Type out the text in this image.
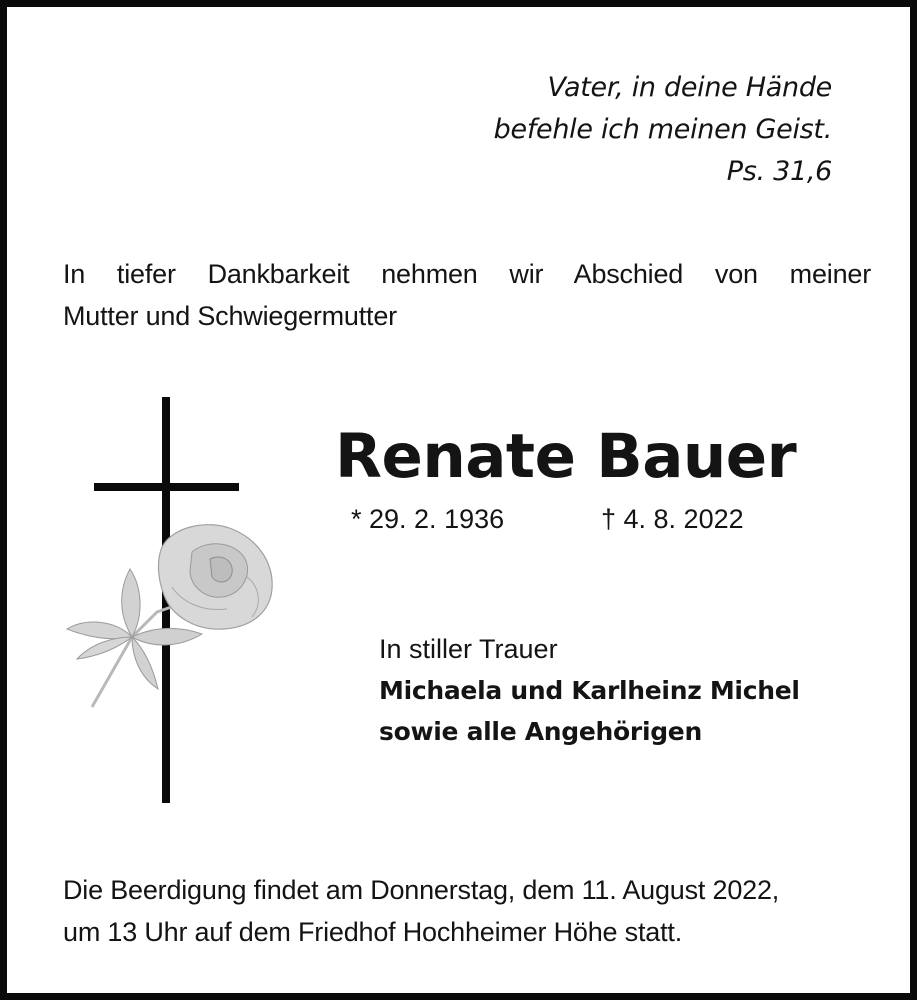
Vater, in deine Hände
befehle ich meinen Geist.
Ps. 31,6
In tiefer Dankbarkeit nehmen wir Abschied von meiner
Mutter und Schwiegermutter
Renate Bauer
* 29. 2. 1936	† 4. 8. 2022
In stiller Trauer
Michaela und Karlheinz Michel
sowie alle Angehörigen
Die Beerdigung findet am Donnerstag, dem 11. August 2022,
um 13 Uhr auf dem Friedhof Hochheimer Höhe statt.
